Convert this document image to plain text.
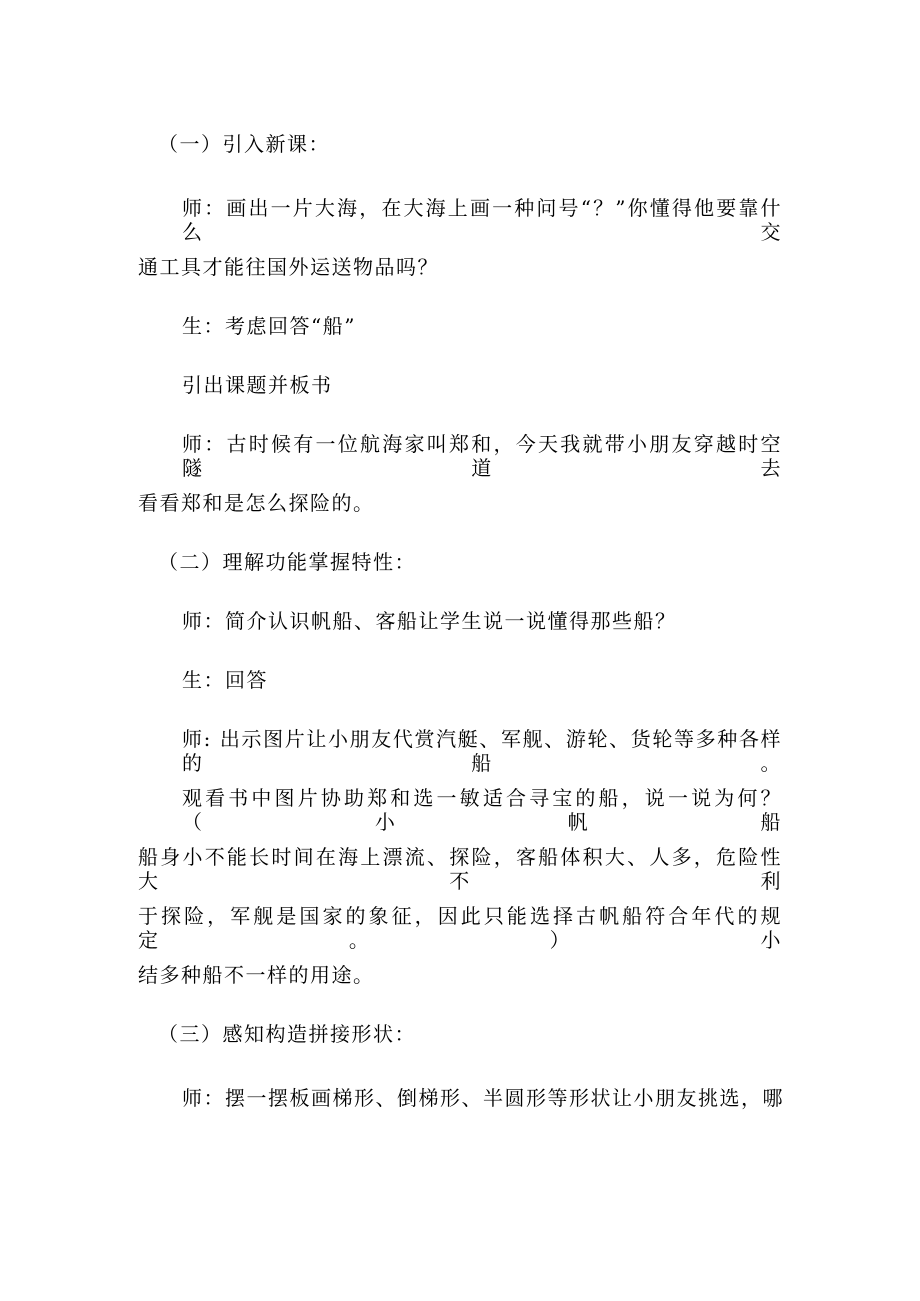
（一）引入新课：
师：画出一片大海，在大海上画一种问号“？”你懂得他要靠什么交
通工具才能往国外运送物品吗？
生：考虑回答“船”
引出课题并板书
师：古时候有一位航海家叫郑和，今天我就带小朋友穿越时空隧道去
看看郑和是怎么探险的。
（二）理解功能掌握特性：
师：简介认识帆船、客船让学生说一说懂得那些船？
生：回答
师: 出示图片让小朋友代赏汽艇、军舰、游轮、货轮等多种各样的船。
观看书中图片协助郑和选一敏适合寻宝的船，说一说为何？（小帆船
船身小不能长时间在海上漂流、探险，客船体积大、人多，危险性大不利
于探险，军舰是国家的象征，因此只能选择古帆船符合年代的规定。）小
结多种船不一样的用途。
（三）感知构造拼接形状：
师：摆一摆板画梯形、倒梯形、半圆形等形状让小朋友挑选，哪
